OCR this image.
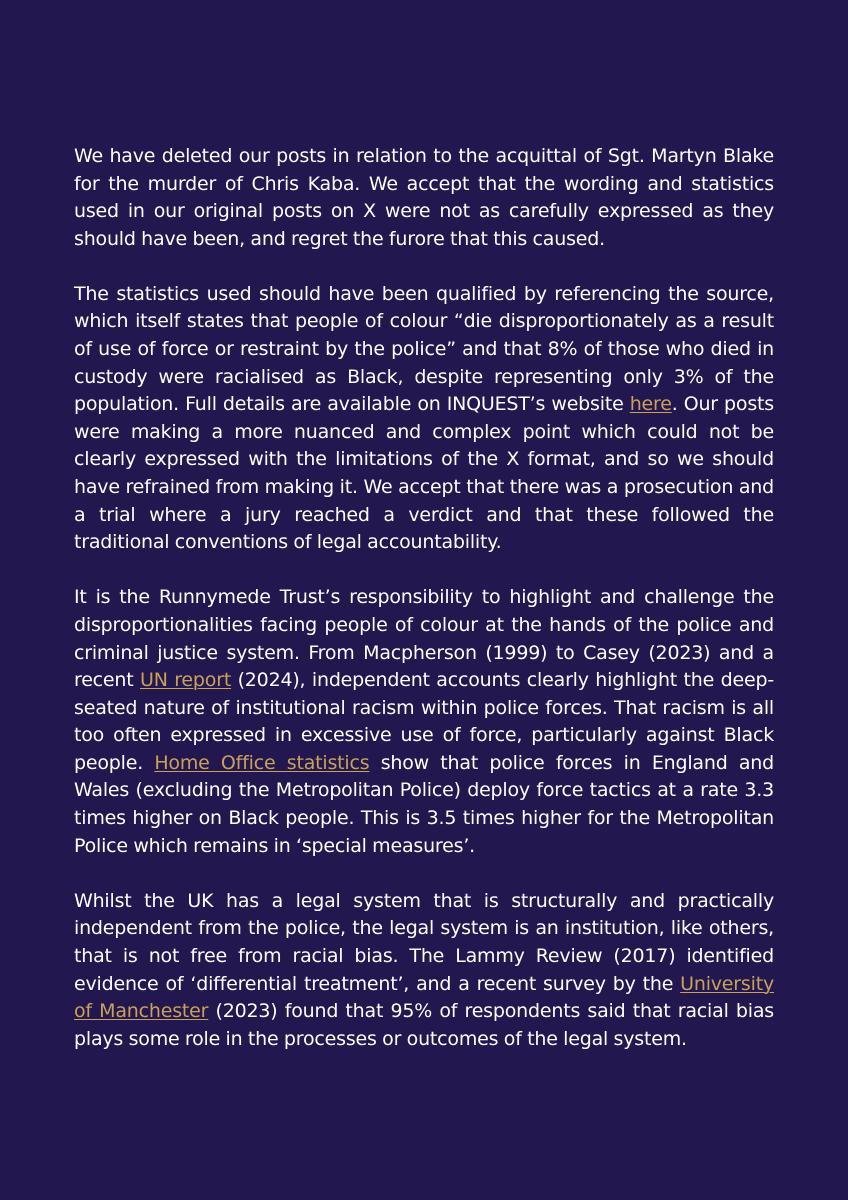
We have deleted our posts in relation to the acquittal of Sgt. Martyn Blake for the murder of Chris Kaba. We accept that the wording and statistics used in our original posts on X were not as carefully expressed as they should have been, and regret the furore that this caused.

The statistics used should have been qualified by referencing the source, which itself states that people of colour “die disproportionately as a result of use of force or restraint by the police” and that 8% of those who died in custody were racialised as Black, despite representing only 3% of the population. Full details are available on INQUEST’s website here. Our posts were making a more nuanced and complex point which could not be clearly expressed with the limitations of the X format, and so we should have refrained from making it. We accept that there was a prosecution and a trial where a jury reached a verdict and that these followed the traditional conventions of legal accountability.

It is the Runnymede Trust’s responsibility to highlight and challenge the disproportionalities facing people of colour at the hands of the police and criminal justice system. From Macpherson (1999) to Casey (2023) and a recent UN report (2024), independent accounts clearly highlight the deep-seated nature of institutional racism within police forces. That racism is all too often expressed in excessive use of force, particularly against Black people. Home Office statistics show that police forces in England and Wales (excluding the Metropolitan Police) deploy force tactics at a rate 3.3 times higher on Black people. This is 3.5 times higher for the Metropolitan Police which remains in ‘special measures’.

Whilst the UK has a legal system that is structurally and practically independent from the police, the legal system is an institution, like others, that is not free from racial bias. The Lammy Review (2017) identified evidence of ‘differential treatment’, and a recent survey by the University of Manchester (2023) found that 95% of respondents said that racial bias plays some role in the processes or outcomes of the legal system.
